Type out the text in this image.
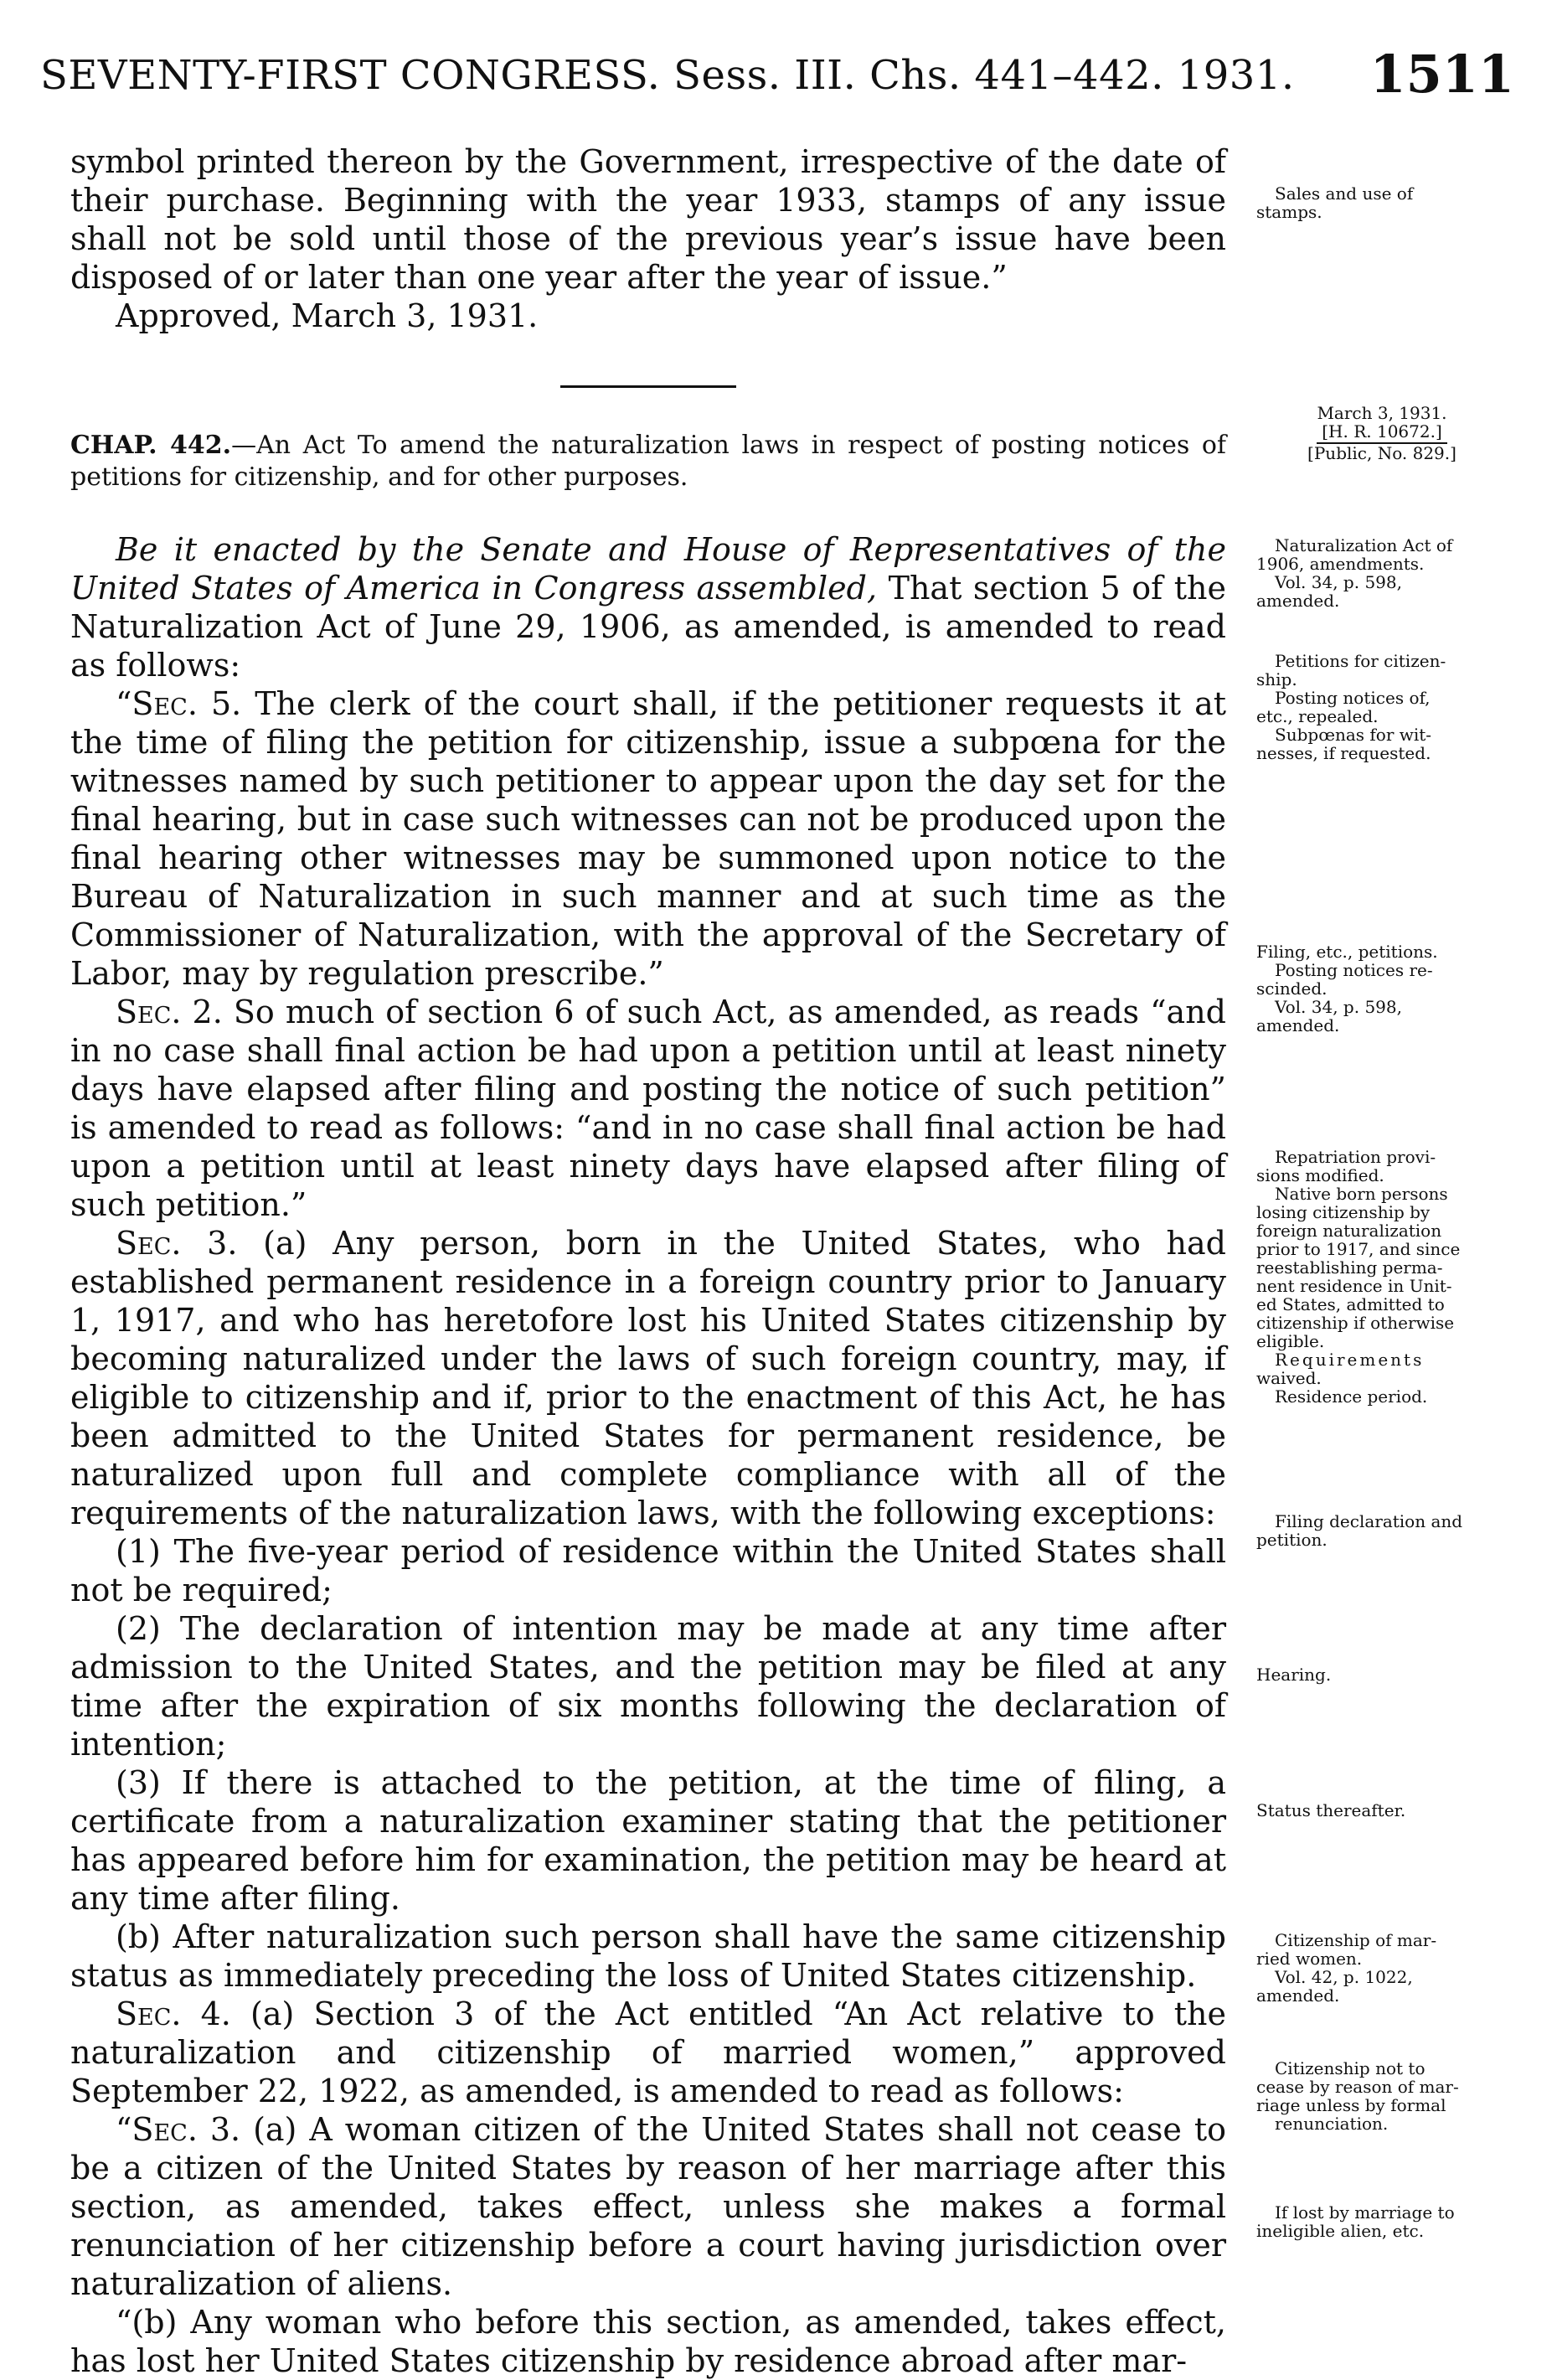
SEVENTY-FIRST CONGRESS. Sess. III. Chs. 441–442. 1931. 1511

symbol printed thereon by the Government, irrespective of the date of their purchase. Beginning with the year 1933, stamps of any issue shall not be sold until those of the previous year’s issue have been disposed of or later than one year after the year of issue.”

Approved, March 3, 1931.

CHAP. 442.—An Act To amend the naturalization laws in respect of posting notices of petitions for citizenship, and for other purposes.

Be it enacted by the Senate and House of Representatives of the United States of America in Congress assembled, That section 5 of the Naturalization Act of June 29, 1906, as amended, is amended to read as follows:

“Sec. 5. The clerk of the court shall, if the petitioner requests it at the time of filing the petition for citizenship, issue a subpœna for the witnesses named by such petitioner to appear upon the day set for the final hearing, but in case such witnesses can not be produced upon the final hearing other witnesses may be summoned upon notice to the Bureau of Naturalization in such manner and at such time as the Commissioner of Naturalization, with the approval of the Secretary of Labor, may by regulation prescribe.”

Sec. 2. So much of section 6 of such Act, as amended, as reads “and in no case shall final action be had upon a petition until at least ninety days have elapsed after filing and posting the notice of such petition” is amended to read as follows: “and in no case shall final action be had upon a petition until at least ninety days have elapsed after filing of such petition.”

Sec. 3. (a) Any person, born in the United States, who had established permanent residence in a foreign country prior to January 1, 1917, and who has heretofore lost his United States citizenship by becoming naturalized under the laws of such foreign country, may, if eligible to citizenship and if, prior to the enactment of this Act, he has been admitted to the United States for permanent residence, be naturalized upon full and complete compliance with all of the requirements of the naturalization laws, with the following exceptions:

(1) The five-year period of residence within the United States shall not be required;

(2) The declaration of intention may be made at any time after admission to the United States, and the petition may be filed at any time after the expiration of six months following the declaration of intention;

(3) If there is attached to the petition, at the time of filing, a certificate from a naturalization examiner stating that the petitioner has appeared before him for examination, the petition may be heard at any time after filing.

(b) After naturalization such person shall have the same citizenship status as immediately preceding the loss of United States citizenship.

Sec. 4. (a) Section 3 of the Act entitled “An Act relative to the naturalization and citizenship of married women,” approved September 22, 1922, as amended, is amended to read as follows:

“Sec. 3. (a) A woman citizen of the United States shall not cease to be a citizen of the United States by reason of her marriage after this section, as amended, takes effect, unless she makes a formal renunciation of her citizenship before a court having jurisdiction over naturalization of aliens.

“(b) Any woman who before this section, as amended, takes effect, has lost her United States citizenship by residence abroad after mar-

Sales and use of
stamps.
March 3, 1931.
[H. R. 10672.]

[Public, No. 829.]
Naturalization Act of
1906, amendments.
Vol. 34, p. 598,
amended.
Petitions for citizen-
ship.
Posting notices of,
etc., repealed.
Subpœnas for wit-
nesses, if requested.
Filing, etc., petitions.
Posting notices re-
scinded.
Vol. 34, p. 598,
amended.
Repatriation provi-
sions modified.
Native born persons
losing citizenship by
foreign naturalization
prior to 1917, and since
reestablishing perma-
nent residence in Unit-
ed States, admitted to
citizenship if otherwise
eligible.
Requirements
waived.
Residence period.
Filing declaration and
petition.
Hearing.
Status thereafter.
Citizenship of mar-
ried women.
Vol. 42, p. 1022,
amended.
Citizenship not to
cease by reason of mar-
riage unless by formal
renunciation.
If lost by marriage to
ineligible alien, etc.
